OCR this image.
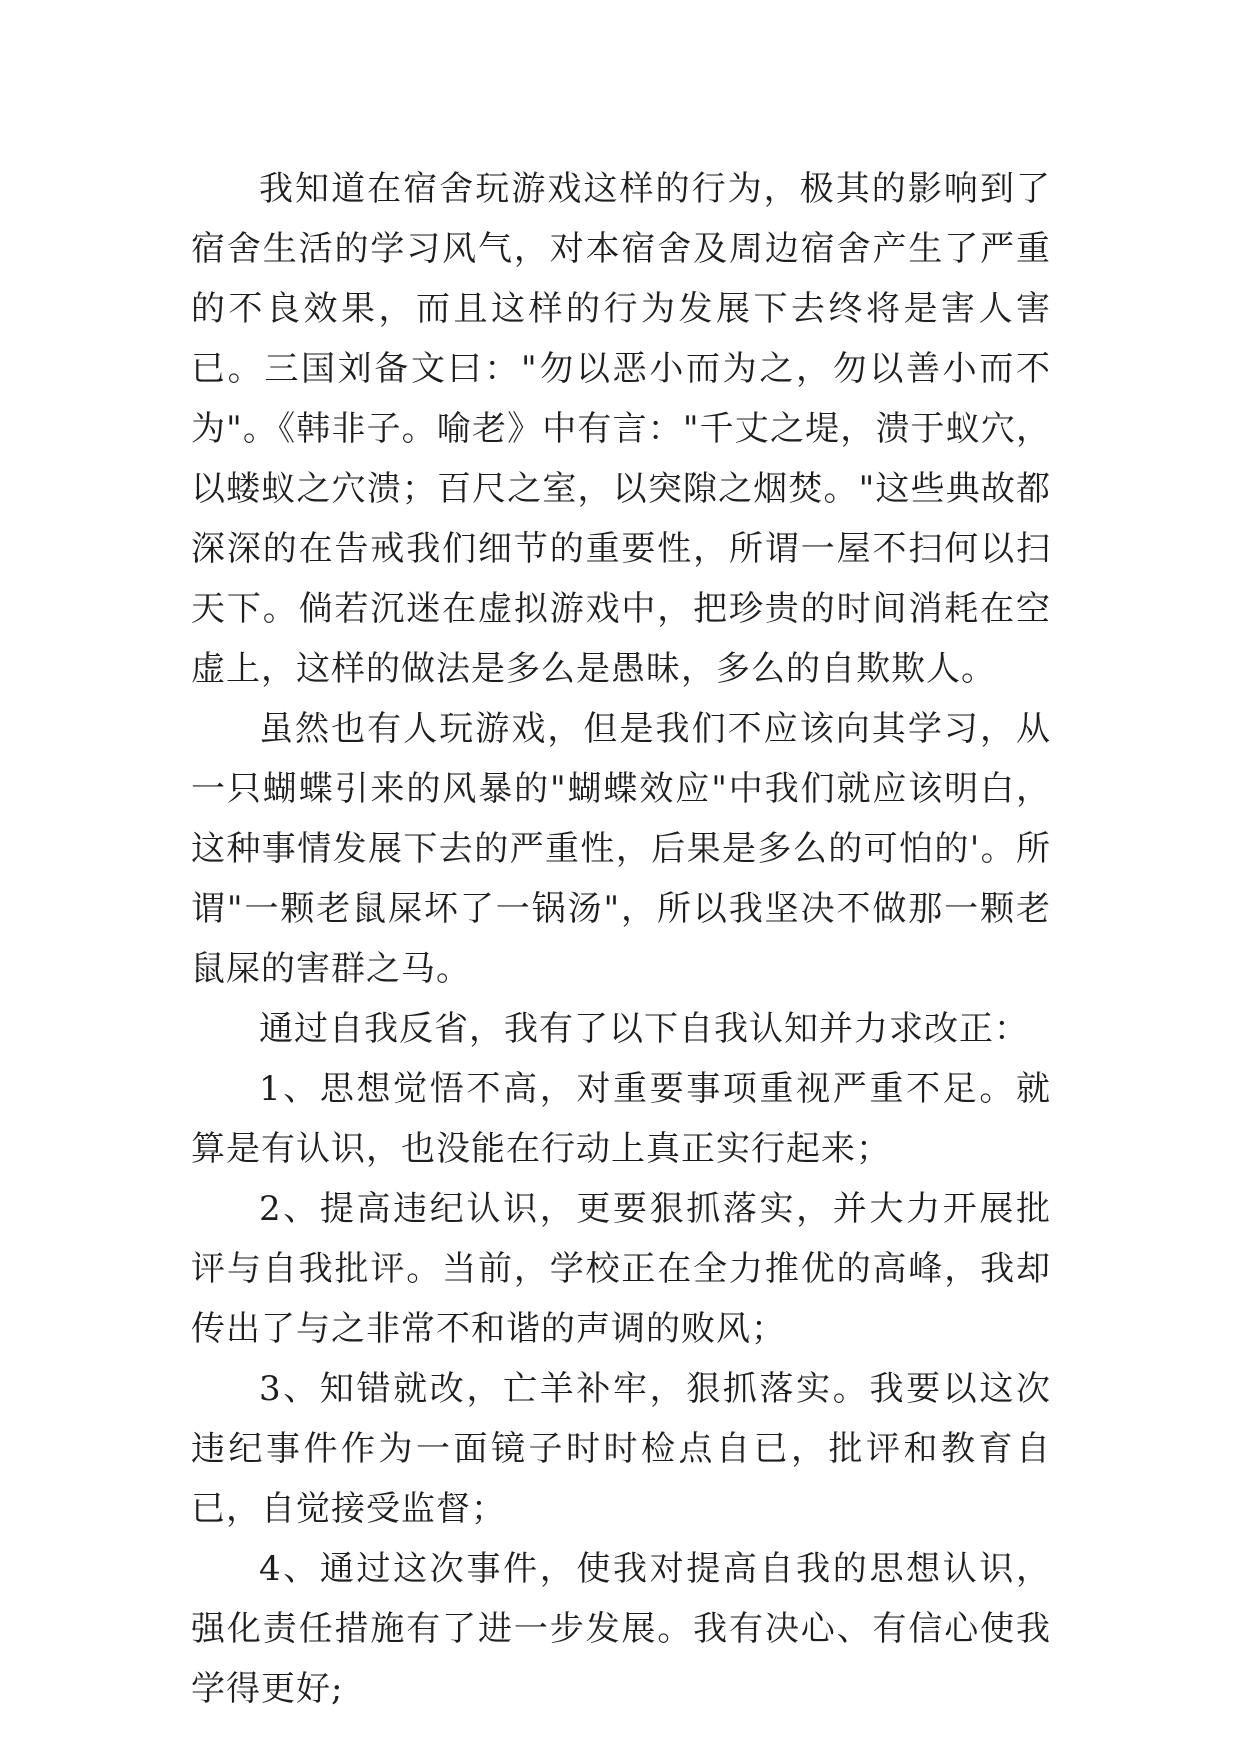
我知道在宿舍玩游戏这样的行为，极其的影响到了宿舍生活的学习风气，对本宿舍及周边宿舍产生了严重的不良效果，而且这样的行为发展下去终将是害人害已。三国刘备文曰："勿以恶小而为之，勿以善小而不为"。《韩非子。喻老》中有言："千丈之堤，溃于蚁穴，以蝼蚁之穴溃；百尺之室，以突隙之烟焚。"这些典故都深深的在告戒我们细节的重要性，所谓一屋不扫何以扫天下。倘若沉迷在虚拟游戏中，把珍贵的时间消耗在空虚上，这样的做法是多么是愚昧，多么的自欺欺人。

虽然也有人玩游戏，但是我们不应该向其学习，从一只蝴蝶引来的风暴的"蝴蝶效应"中我们就应该明白，这种事情发展下去的严重性，后果是多么的可怕的'。所谓"一颗老鼠屎坏了一锅汤"，所以我坚决不做那一颗老鼠屎的害群之马。

通过自我反省，我有了以下自我认知并力求改正：

1、思想觉悟不高，对重要事项重视严重不足。就算是有认识，也没能在行动上真正实行起来；

2、提高违纪认识，更要狠抓落实，并大力开展批评与自我批评。当前，学校正在全力推优的高峰，我却传出了与之非常不和谐的声调的败风；

3、知错就改，亡羊补牢，狠抓落实。我要以这次违纪事件作为一面镜子时时检点自已，批评和教育自已，自觉接受监督；

4、通过这次事件，使我对提高自我的思想认识，强化责任措施有了进一步发展。我有决心、有信心使我学得更好;
